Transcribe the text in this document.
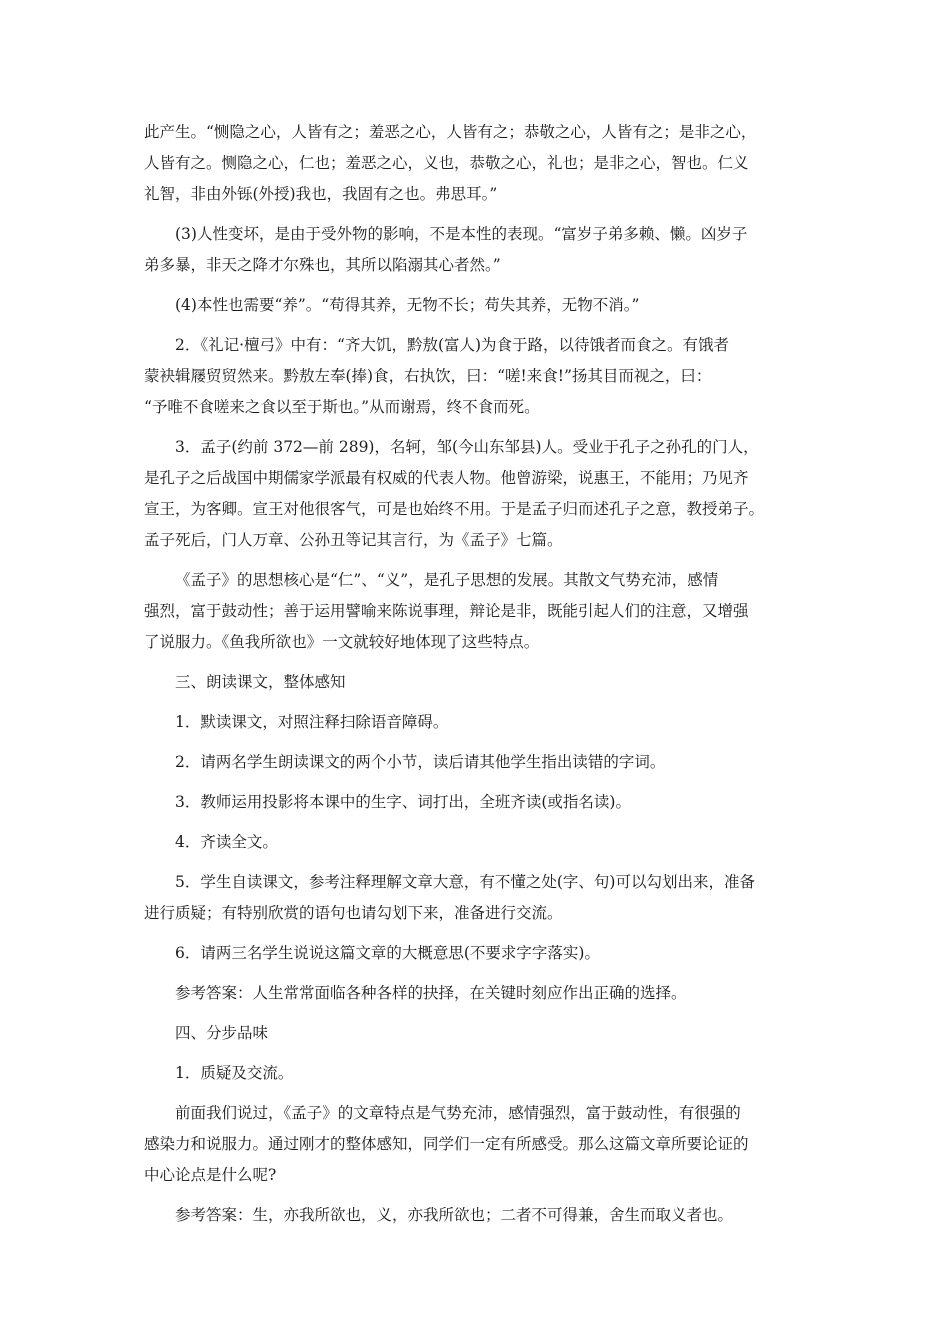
此产生。“恻隐之心，人皆有之；羞恶之心，人皆有之；恭敬之心，人皆有之；是非之心，
人皆有之。恻隐之心，仁也；羞恶之心，义也，恭敬之心，礼也；是非之心，智也。仁义
礼智，非由外铄(外授)我也，我固有之也。弗思耳。”
(3)人性变坏，是由于受外物的影响，不是本性的表现。“富岁子弟多赖、懒。凶岁子
弟多暴，非天之降才尔殊也，其所以陷溺其心者然。”
(4)本性也需要“养”。“苟得其养，无物不长；苟失其养，无物不消。”
2．《礼记·檀弓》中有：“齐大饥，黔敖(富人)为食于路，以待饿者而食之。有饿者
蒙袂辑屦贸贸然来。黔敖左奉(捧)食，右执饮，曰：“嗟!来食!”扬其目而视之，曰：
“予唯不食嗟来之食以至于斯也。”从而谢焉，终不食而死。
3．孟子(约前 372—前 289)，名轲，邹(今山东邹县)人。受业于孔子之孙孔的门人，
是孔子之后战国中期儒家学派最有权威的代表人物。他曾游梁，说惠王，不能用；乃见齐
宣王，为客卿。宣王对他很客气，可是也始终不用。于是孟子归而述孔子之意，教授弟子。
孟子死后，门人万章、公孙丑等记其言行，为《孟子》七篇。
《孟子》的思想核心是“仁”、“义”，是孔子思想的发展。其散文气势充沛，感情
强烈，富于鼓动性；善于运用譬喻来陈说事理，辩论是非，既能引起人们的注意，又增强
了说服力。《鱼我所欲也》一文就较好地体现了这些特点。
三、朗读课文，整体感知
1．默读课文，对照注释扫除语音障碍。
2．请两名学生朗读课文的两个小节，读后请其他学生指出读错的字词。
3．教师运用投影将本课中的生字、词打出，全班齐读(或指名读)。
4．齐读全文。
5．学生自读课文，参考注释理解文章大意，有不懂之处(字、句)可以勾划出来，准备
进行质疑；有特别欣赏的语句也请勾划下来，准备进行交流。
6．请两三名学生说说这篇文章的大概意思(不要求字字落实)。
参考答案：人生常常面临各种各样的抉择，在关键时刻应作出正确的选择。
四、分步品味
1．质疑及交流。
前面我们说过，《孟子》的文章特点是气势充沛，感情强烈，富于鼓动性，有很强的
感染力和说服力。通过刚才的整体感知，同学们一定有所感受。那么这篇文章所要论证的
中心论点是什么呢?
参考答案：生，亦我所欲也，义，亦我所欲也；二者不可得兼，舍生而取义者也。
